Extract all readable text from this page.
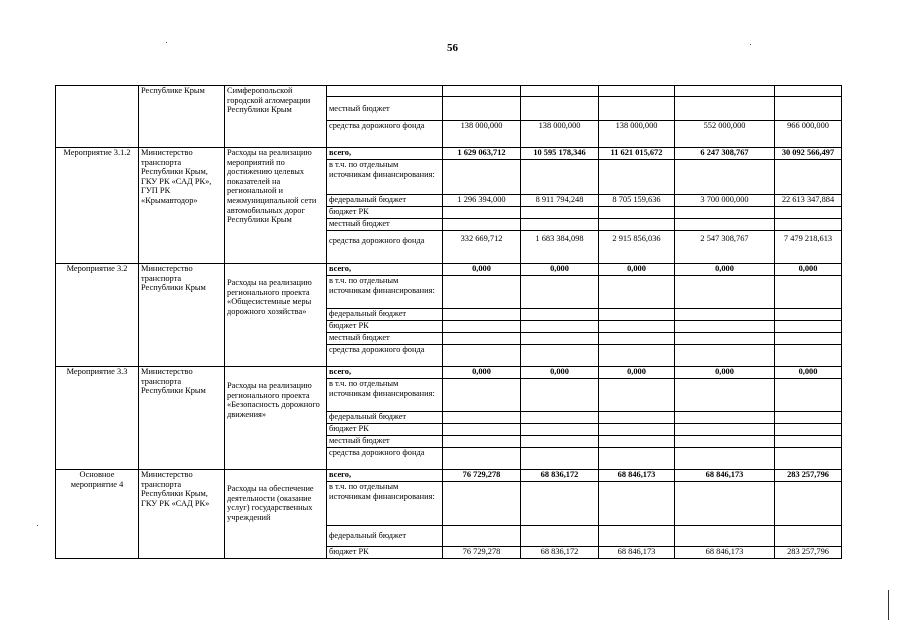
56
	Республике Крым	Симферопольской городской агломерации Республики Крым						
			местный бюджет					
			средства дорожного фонда	138 000,000	138 000,000	138 000,000	552 000,000	966 000,000
Мероприятие 3.1.2	Министерство транспорта Республики Крым, ГКУ РК «САД РК», ГУП РК «Крымавтодор»	Расходы на реализацию мероприятий по достижению целевых показателей на региональной и межмуниципальной сети автомобильных дорог Республики Крым	всего,	1 629 063,712	10 595 178,346	11 621 015,672	6 247 308,767	30 092 566,497
			в т.ч. по отдельным источникам финансирования:					
			федеральный бюджет	1 296 394,000	8 911 794,248	8 705 159,636	3 700 000,000	22 613 347,884
			бюджет РК					
			местный бюджет					
			средства дорожного фонда	332 669,712	1 683 384,098	2 915 856,036	2 547 308,767	7 479 218,613
Мероприятие 3.2	Министерство транспорта Республики Крым	Расходы на реализацию регионального проекта «Общесистемные меры дорожного хозяйства»	всего,	0,000	0,000	0,000	0,000	0,000
			в т.ч. по отдельным источникам финансирования:					
			федеральный бюджет					
			бюджет РК					
			местный бюджет					
			средства дорожного фонда					
Мероприятие 3.3	Министерство транспорта Республики Крым	Расходы на реализацию регионального проекта «Безопасность дорожного движения»	всего,	0,000	0,000	0,000	0,000	0,000
			в т.ч. по отдельным источникам финансирования:					
			федеральный бюджет					
			бюджет РК					
			местный бюджет					
			средства дорожного фонда					
Основное мероприятие 4	Министерство транспорта Республики Крым, ГКУ РК «САД РК»	Расходы на обеспечение деятельности (оказание услуг) государственных учреждений	всего,	76 729,278	68 836,172	68 846,173	68 846,173	283 257,796
			в т.ч. по отдельным источникам финансирования:					
			федеральный бюджет					
			бюджет РК	76 729,278	68 836,172	68 846,173	68 846,173	283 257,796
